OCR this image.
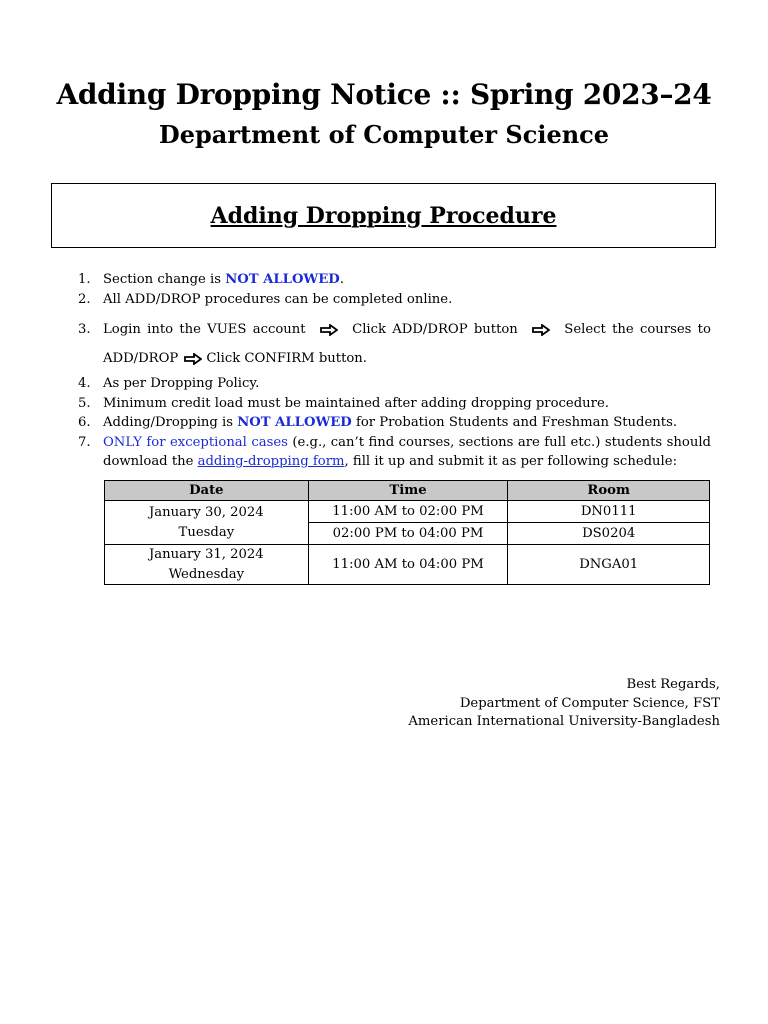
Adding Dropping Notice :: Spring 2023–24
Department of Computer Science
Adding Dropping Procedure
1. Section change is NOT ALLOWED.
2. All ADD/DROP procedures can be completed online.
3. Login into the VUES account	Click ADD/DROP button	Select the courses to
ADD/DROP Click CONFIRM button.
4. As per Dropping Policy.
5. Minimum credit load must be maintained after adding dropping procedure.
6. Adding/Dropping is NOT ALLOWED for Probation Students and Freshman Students.
7. ONLY for exceptional cases (e.g., can’t find courses, sections are full etc.) students should download the adding-dropping form, fill it up and submit it as per following schedule:
Date	Time	Room

January 30, 2024
Tuesday	11:00 AM to 02:00 PM	DN0111
	02:00 PM to 04:00 PM	DS0204

January 31, 2024
Wednesday	11:00 AM to 04:00 PM	DNGA01
Best Regards,
Department of Computer Science, FST
American International University-Bangladesh
